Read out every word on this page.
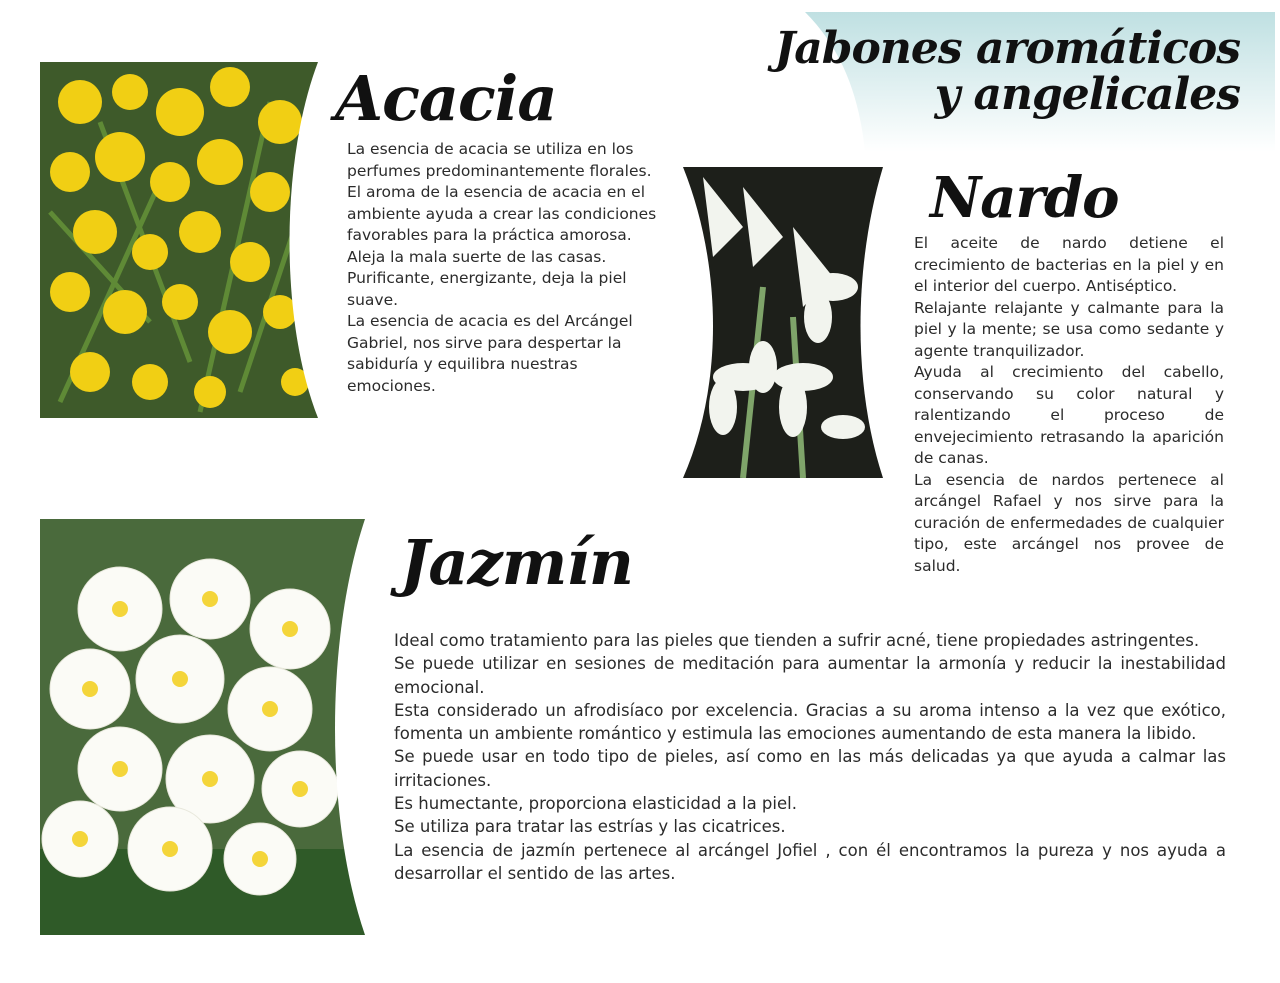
Jabones aromáticos
y angelicales
Acacia

La esencia de acacia se utiliza en los perfumes predominantemente florales.

El aroma de la esencia de acacia en el ambiente ayuda a crear las condiciones favorables para la práctica amorosa.

Aleja la mala suerte de las casas.

Purificante, energizante, deja la piel suave.

La esencia de acacia es del Arcángel Gabriel, nos sirve para despertar la sabiduría y equilibra nuestras emociones.

Nardo

El aceite de nardo detiene el crecimiento de bacterias en la piel y en el interior del cuerpo. Antiséptico.

Relajante relajante y calmante para la piel y la mente; se usa como sedante y agente tranquilizador.

Ayuda al crecimiento del cabello, conservando su color natural y ralentizando el proceso de envejecimiento retrasando la aparición de canas.

La esencia de nardos pertenece al arcángel Rafael y nos sirve para la curación de enfermedades de cualquier tipo, este arcángel nos provee de salud.

Jazmín

Ideal como tratamiento para las pieles que tienden a sufrir acné, tiene propiedades astringentes.

Se puede utilizar en sesiones de meditación para aumentar la armonía y reducir la inestabilidad emocional.

Esta considerado un afrodisíaco por excelencia. Gracias a su aroma intenso a la vez que exótico, fomenta un ambiente romántico y estimula las emociones aumentando de esta manera la libido.

Se puede usar en todo tipo de pieles, así como en las más delicadas ya que ayuda a calmar las irritaciones.

Es humectante, proporciona elasticidad a la piel.

Se utiliza para tratar las estrías y las cicatrices.

La esencia de jazmín pertenece al arcángel Jofiel , con él encontramos la pureza y nos ayuda a desarrollar el sentido de las artes.
